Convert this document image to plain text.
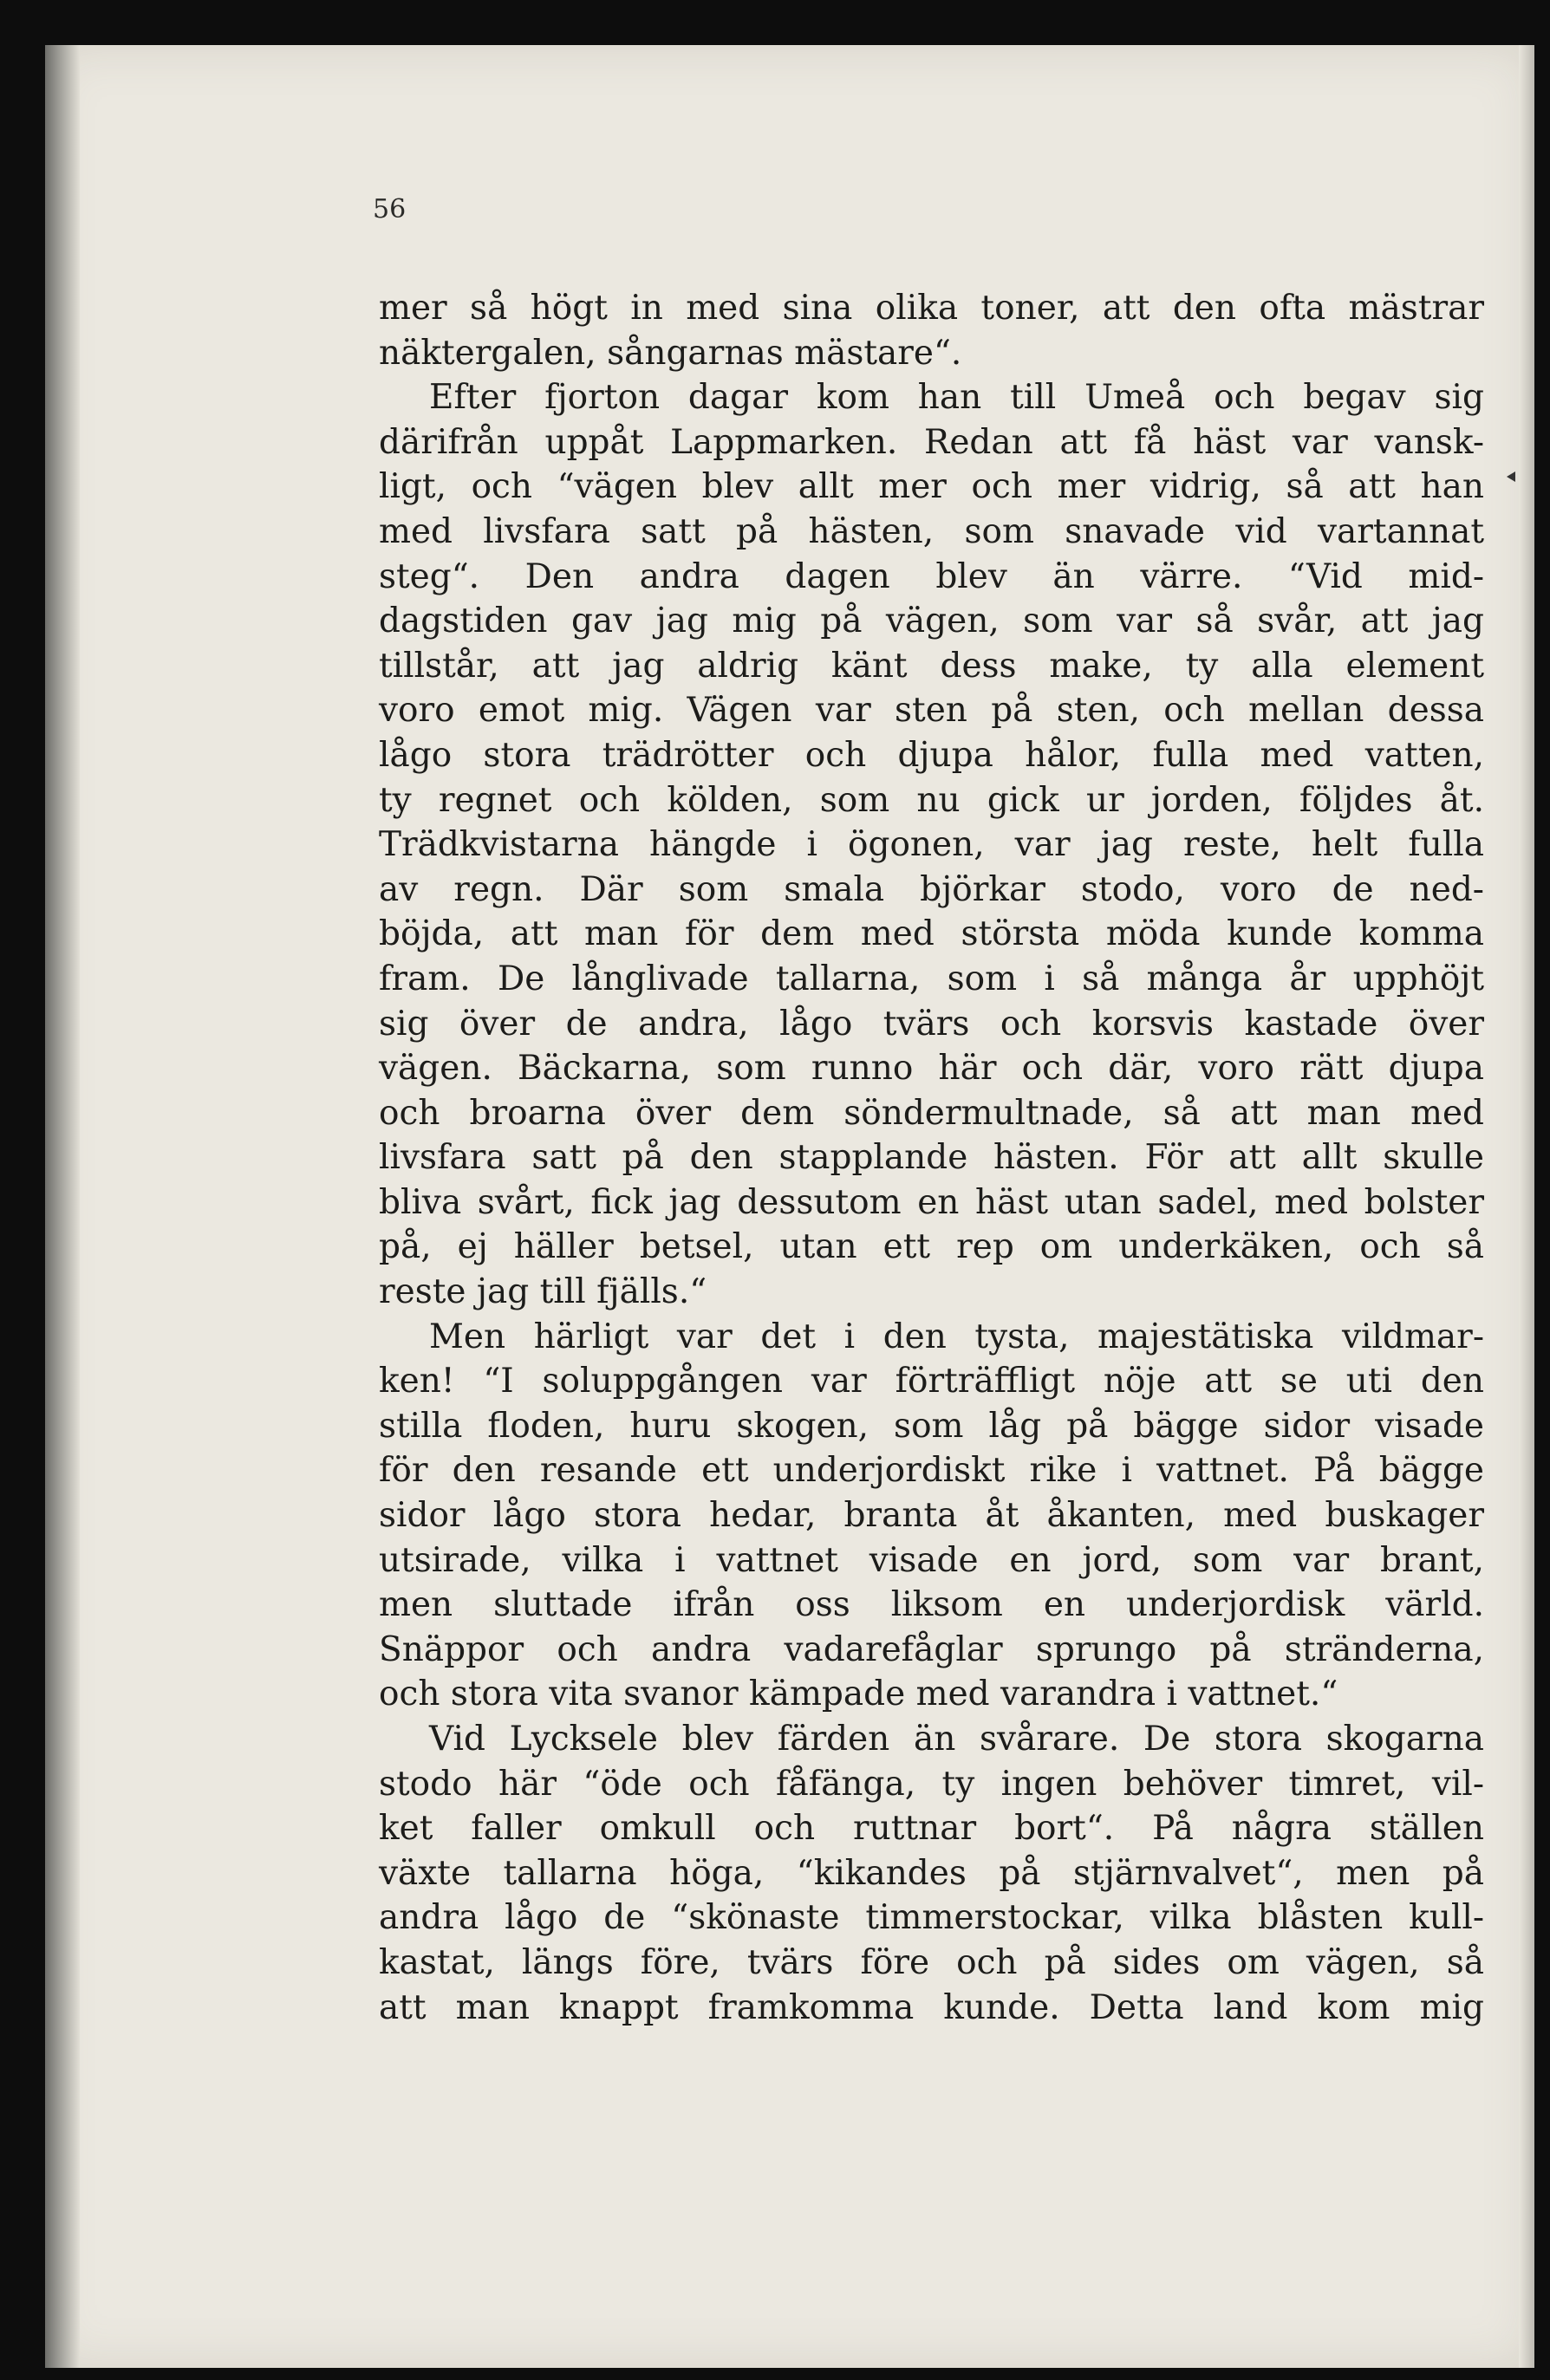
56
mer så högt in med sina olika toner, att den ofta mästrar
näktergalen, sångarnas mästare“.
Efter fjorton dagar kom han till Umeå och begav sig
därifrån uppåt Lappmarken. Redan att få häst var vansk-
ligt, och “vägen blev allt mer och mer vidrig, så att han
med livsfara satt på hästen, som snavade vid vartannat
steg“. Den andra dagen blev än värre. “Vid mid-
dagstiden gav jag mig på vägen, som var så svår, att jag
tillstår, att jag aldrig känt dess make, ty alla element
voro emot mig. Vägen var sten på sten, och mellan dessa
lågo stora trädrötter och djupa hålor, fulla med vatten,
ty regnet och kölden, som nu gick ur jorden, följdes åt.
Trädkvistarna hängde i ögonen, var jag reste, helt fulla
av regn. Där som smala björkar stodo, voro de ned-
böjda, att man för dem med största möda kunde komma
fram. De långlivade tallarna, som i så många år upphöjt
sig över de andra, lågo tvärs och korsvis kastade över
vägen. Bäckarna, som runno här och där, voro rätt djupa
och broarna över dem söndermultnade, så att man med
livsfara satt på den stapplande hästen. För att allt skulle
bliva svårt, fick jag dessutom en häst utan sadel, med bolster
på, ej häller betsel, utan ett rep om underkäken, och så
reste jag till fjälls.“
Men härligt var det i den tysta, majestätiska vildmar-
ken! “I soluppgången var förträffligt nöje att se uti den
stilla floden, huru skogen, som låg på bägge sidor visade
för den resande ett underjordiskt rike i vattnet. På bägge
sidor lågo stora hedar, branta åt åkanten, med buskager
utsirade, vilka i vattnet visade en jord, som var brant,
men sluttade ifrån oss liksom en underjordisk värld.
Snäppor och andra vadarefåglar sprungo på stränderna,
och stora vita svanor kämpade med varandra i vattnet.“
Vid Lycksele blev färden än svårare. De stora skogarna
stodo här “öde och fåfänga, ty ingen behöver timret, vil-
ket faller omkull och ruttnar bort“. På några ställen
växte tallarna höga, “kikandes på stjärnvalvet“, men på
andra lågo de “skönaste timmerstockar, vilka blåsten kull-
kastat, längs före, tvärs före och på sides om vägen, så
att man knappt framkomma kunde. Detta land kom mig
